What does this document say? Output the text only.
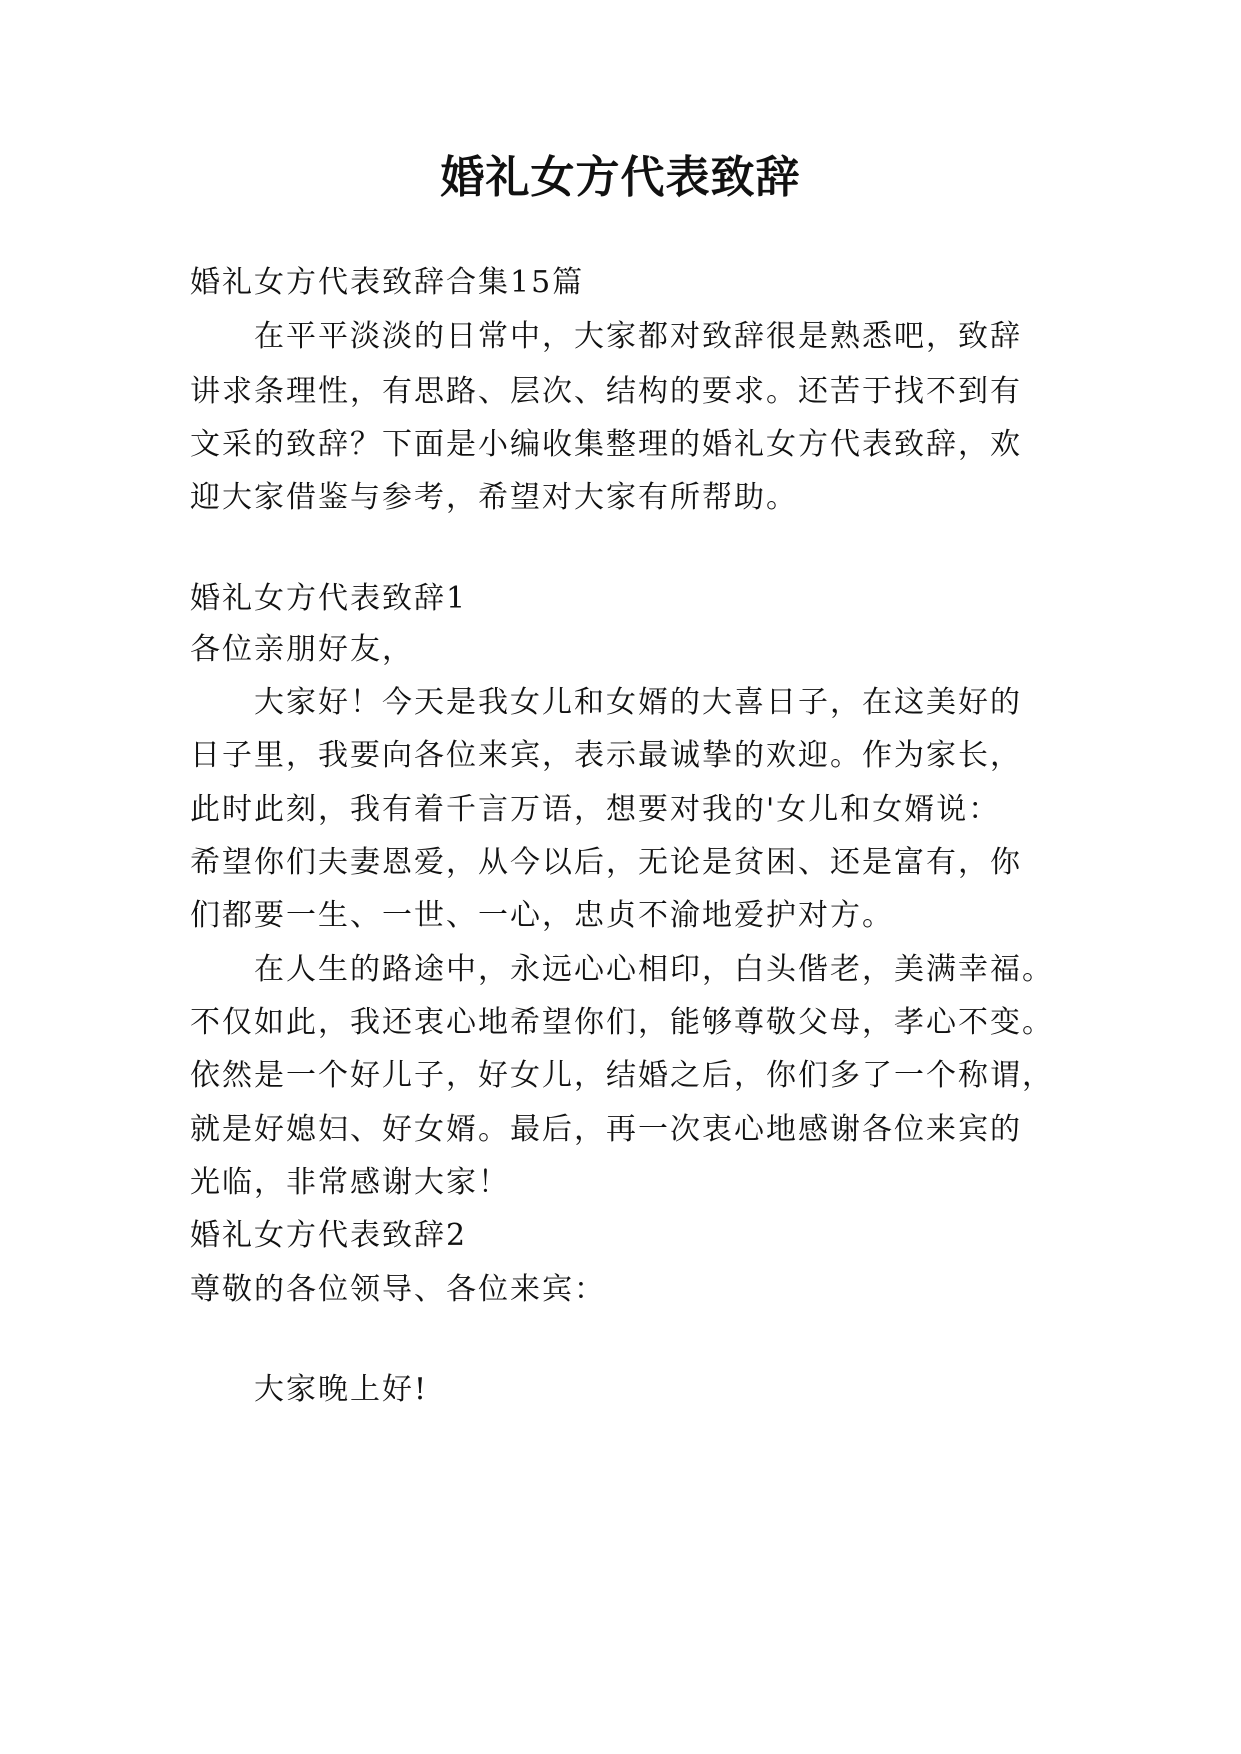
婚礼女方代表致辞
婚礼女方代表致辞合集15篇
在平平淡淡的日常中，大家都对致辞很是熟悉吧，致辞
讲求条理性，有思路、层次、结构的要求。还苦于找不到有
文采的致辞？下面是小编收集整理的婚礼女方代表致辞，欢
迎大家借鉴与参考，希望对大家有所帮助。
婚礼女方代表致辞1
各位亲朋好友，
大家好！今天是我女儿和女婿的大喜日子，在这美好的
日子里，我要向各位来宾，表示最诚挚的欢迎。作为家长，
此时此刻，我有着千言万语，想要对我的'女儿和女婿说：
希望你们夫妻恩爱，从今以后，无论是贫困、还是富有，你
们都要一生、一世、一心，忠贞不渝地爱护对方。
在人生的路途中，永远心心相印，白头偕老，美满幸福。
不仅如此，我还衷心地希望你们，能够尊敬父母，孝心不变。
依然是一个好儿子，好女儿，结婚之后，你们多了一个称谓，
就是好媳妇、好女婿。最后，再一次衷心地感谢各位来宾的
光临，非常感谢大家！
婚礼女方代表致辞2
尊敬的各位领导、各位来宾：
大家晚上好!
